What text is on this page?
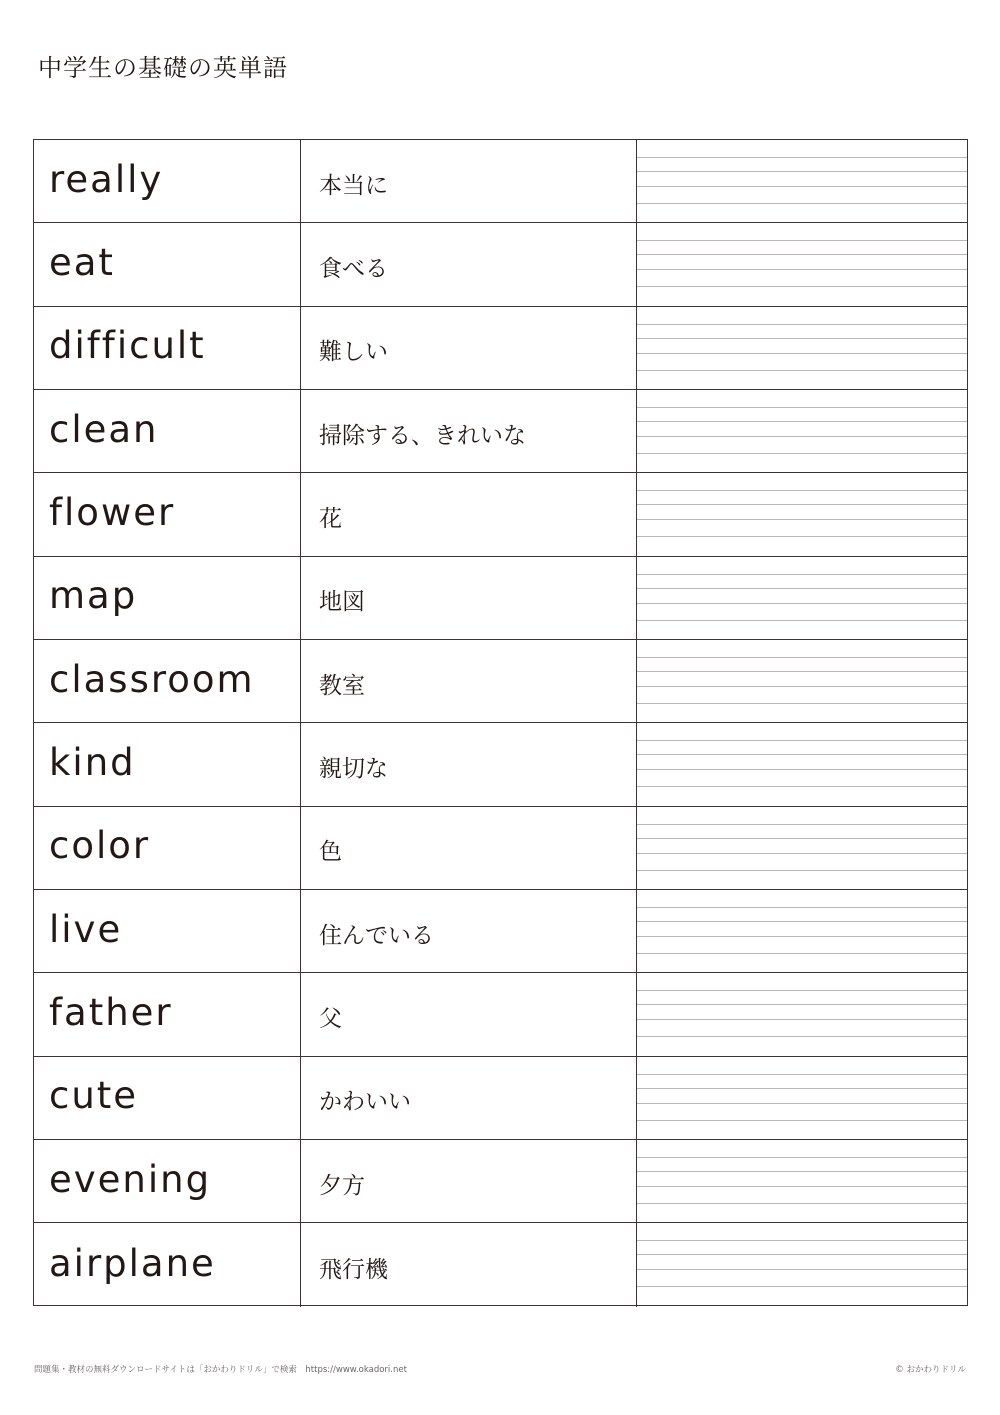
中学生の基礎の英単語
really	本当に
eat	食べる
difficult	難しい
clean	掃除する、きれいな
flower	花
map	地図
classroom	教室
kind	親切な
color	色
live	住んでいる
father	父
cute	かわいい
evening	夕方
airplane	飛行機
問題集・教材の無料ダウンロードサイトは「おかわりドリル」で検索　https://www.okadori.net	© おかわりドリル
